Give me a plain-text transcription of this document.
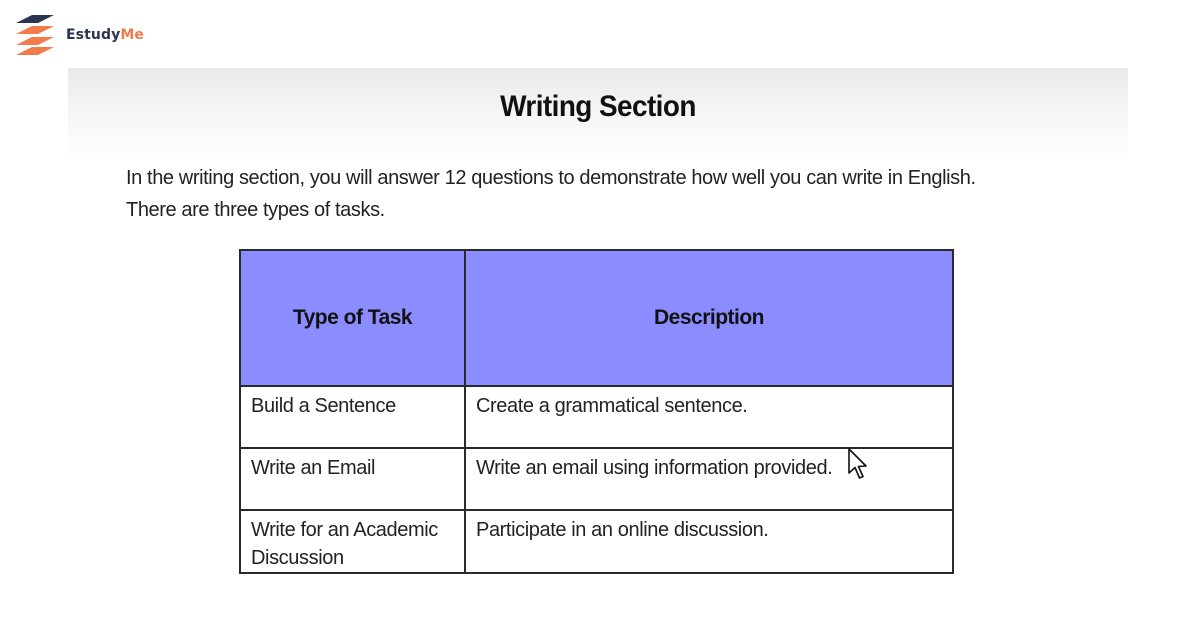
EstudyMe
Writing Section

In the writing section, you will answer 12 questions to demonstrate how well you can write in English.
There are three types of tasks.

Type of Task	Description
Build a Sentence	Create a grammatical sentence.
Write an Email	Write an email using information provided.
Write for an Academic Discussion	Participate in an online discussion.
